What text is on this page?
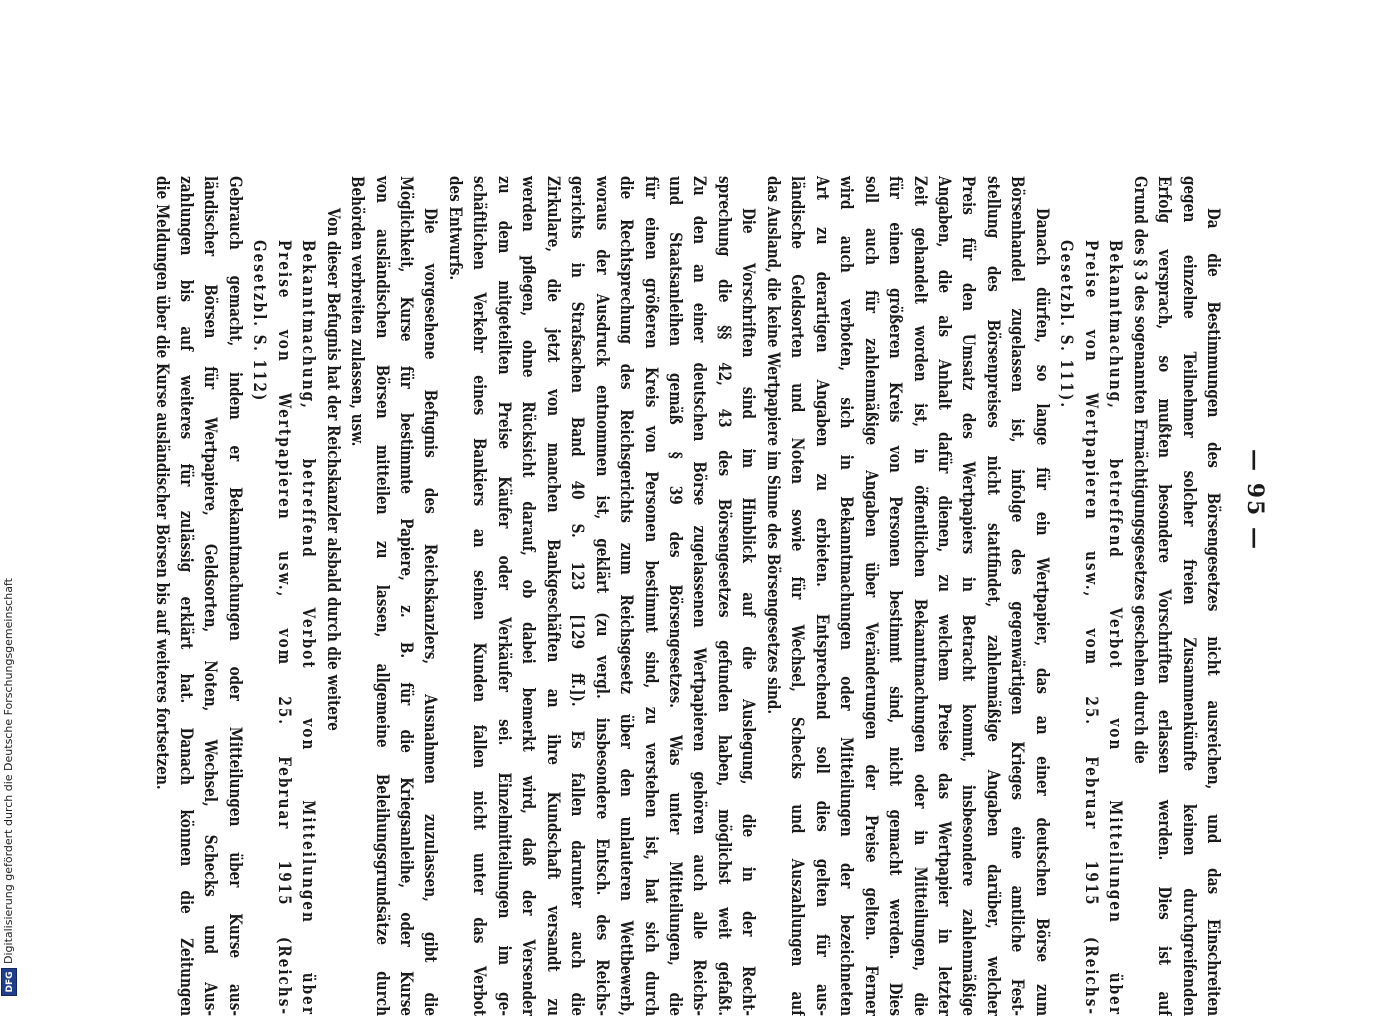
— 95 —
Da die Bestimmungen des Börsengesetzes nicht ausreichen, und das Einschreiten
gegen einzelne Teilnehmer solcher freien Zusammenkünfte keinen durchgreifenden
Erfolg versprach, so mußten besondere Vorschriften erlassen werden. Dies ist auf
Grund des § 3 des sogenannten Ermächtigungsgesetzes geschehen durch die
Bekanntmachung, betreffend Verbot von Mitteilungen über
Preise von Wertpapieren usw., vom 25. Februar 1915 (Reichs-
Gesetzbl. S. 111).
Danach dürfen, so lange für ein Wertpapier, das an einer deutschen Börse zum
Börsenhandel zugelassen ist, infolge des gegenwärtigen Krieges eine amtliche Fest-
stellung des Börsenpreises nicht stattfindet, zahlenmäßige Angaben darüber, welcher
Preis für den Umsatz des Wertpapiers in Betracht kommt, insbesondere zahlenmäßige
Angaben, die als Anhalt dafür dienen, zu welchem Preise das Wertpapier in letzter
Zeit gehandelt worden ist, in öffentlichen Bekanntmachungen oder in Mitteilungen, die
für einen größeren Kreis von Personen bestimmt sind, nicht gemacht werden. Dies
soll auch für zahlenmäßige Angaben über Veränderungen der Preise gelten. Ferner
wird auch verboten, sich in Bekanntmachungen oder Mitteilungen der bezeichneten
Art zu derartigen Angaben zu erbieten. Entsprechend soll dies gelten für aus-
ländische Geldsorten und Noten sowie für Wechsel, Schecks und Auszahlungen auf
das Ausland, die keine Wertpapiere im Sinne des Börsengesetzes sind.
Die Vorschriften sind im Hinblick auf die Auslegung, die in der Recht-
sprechung die §§ 42, 43 des Börsengesetzes gefunden haben, möglichst weit gefaßt.
Zu den an einer deutschen Börse zugelassenen Wertpapieren gehören auch alle Reichs-
und Staatsanleihen gemäß § 39 des Börsengesetzes. Was unter Mitteilungen, die
für einen größeren Kreis von Personen bestimmt sind, zu verstehen ist, hat sich durch
die Rechtsprechung des Reichsgerichts zum Reichsgesetz über den unlauteren Wettbewerb,
woraus der Ausdruck entnommen ist, geklärt (zu vergl. insbesondere Entsch. des Reichs-
gerichts in Strafsachen Band 40 S. 123 [129 ff.]). Es fallen darunter auch die
Zirkulare, die jetzt von manchen Bankgeschäften an ihre Kundschaft versandt zu
werden pflegen, ohne Rücksicht darauf, ob dabei bemerkt wird, daß der Versender
zu dem mitgeteilten Preise Käufer oder Verkäufer sei. Einzelmitteilungen im ge-
schäftlichen Verkehr eines Bankiers an seinen Kunden fallen nicht unter das Verbot
des Entwurfs.
Die vorgesehene Befugnis des Reichskanzlers, Ausnahmen zuzulassen, gibt die
Möglichkeit, Kurse für bestimmte Papiere, z. B. für die Kriegsanleihe, oder Kurse
von ausländischen Börsen mitteilen zu lassen, allgemeine Beleihungsgrundsätze durch
Behörden verbreiten zulassen, usw.
Von dieser Befugnis hat der Reichskanzler alsbald durch die weitere
Bekanntmachung, betreffend Verbot von Mitteilungen über
Preise von Wertpapieren usw., vom 25. Februar 1915 (Reichs-
Gesetzbl. S. 112)
Gebrauch gemacht, indem er Bekanntmachungen oder Mitteilungen über Kurse aus-
ländischer Börsen für Wertpapiere, Geldsorten, Noten, Wechsel, Schecks und Aus-
zahlungen bis auf weiteres für zulässig erklärt hat. Danach können die Zeitungen
die Meldungen über die Kurse ausländischer Börsen bis auf weiteres fortsetzen.
DFG
Digitalisierung gefördert durch die Deutsche Forschungsgemeinschaft
